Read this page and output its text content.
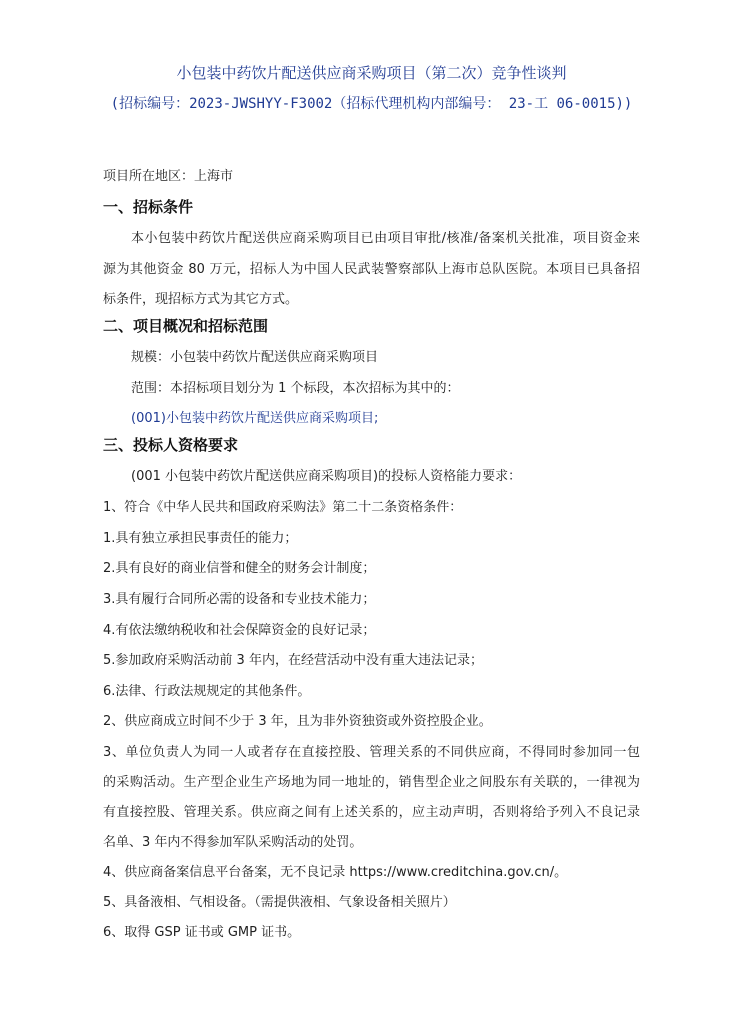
小包装中药饮片配送供应商采购项目（第二次）竞争性谈判
(招标编号：2023-JWSHYY-F3002（招标代理机构内部编号： 23-工 06-0015))
项目所在地区：上海市
一、招标条件
本小包装中药饮片配送供应商采购项目已由项目审批/核准/备案机关批准，项目资金来
源为其他资金 80 万元，招标人为中国人民武装警察部队上海市总队医院。本项目已具备招
标条件，现招标方式为其它方式。
二、项目概况和招标范围
规模：小包装中药饮片配送供应商采购项目
范围：本招标项目划分为 1 个标段，本次招标为其中的：
(001)小包装中药饮片配送供应商采购项目;
三、投标人资格要求
(001 小包装中药饮片配送供应商采购项目)的投标人资格能力要求：
1、符合《中华人民共和国政府采购法》第二十二条资格条件：
1.具有独立承担民事责任的能力；
2.具有良好的商业信誉和健全的财务会计制度；
3.具有履行合同所必需的设备和专业技术能力；
4.有依法缴纳税收和社会保障资金的良好记录；
5.参加政府采购活动前 3 年内，在经营活动中没有重大违法记录；
6.法律、行政法规规定的其他条件。
2、供应商成立时间不少于 3 年，且为非外资独资或外资控股企业。
3、单位负责人为同一人或者存在直接控股、管理关系的不同供应商，不得同时参加同一包
的采购活动。生产型企业生产场地为同一地址的，销售型企业之间股东有关联的，一律视为
有直接控股、管理关系。供应商之间有上述关系的，应主动声明，否则将给予列入不良记录
名单、3 年内不得参加军队采购活动的处罚。
4、供应商备案信息平台备案，无不良记录 https://www.creditchina.gov.cn/。
5、具备液相、气相设备。（需提供液相、气象设备相关照片）
6、取得 GSP 证书或 GMP 证书。
